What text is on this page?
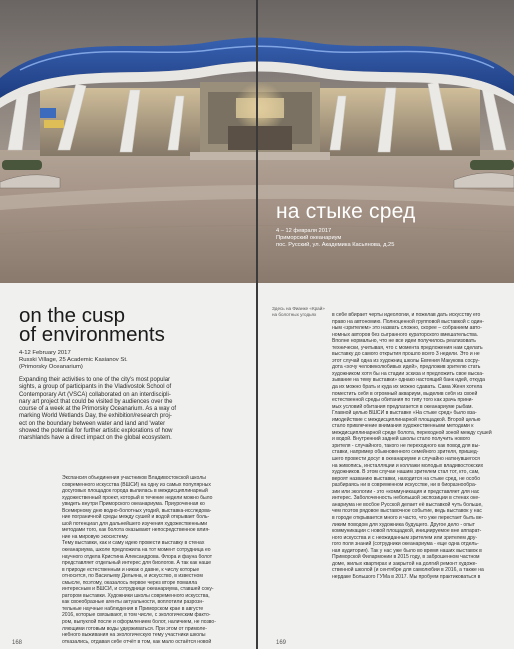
на стыке сред
4 – 12 февраля 2017
Приморский океанариум
пос. Русский, ул. Академика Касьянова, д.25
on the cusp
of environments
4-12 February 2017
Russki Village, 25 Academic Kasianov St.
(Primorsky Oceanarium)
Expanding their activities to one of the city's most popular
sights, a group of participants in the Vladivostok School of
Contemporary Art (VSCA) collaborated on an interdiscipli-
nary art project that could be visited by audiences over the
course of a week at the Primorsky Oceanarium. As a way of
marking World Wetlands Day, the exhibition/research proj-
ect on the boundary between water and land and 'water
showed the potential for further artistic explorations of how
marshlands have a direct impact on the global ecosystem.
Экспансия объединения участников Владивостокской школы
современного искусства (ВШСИ) на одну из самых популярных
досуговых площадок города вылилась в междисциплинарный
художественный проект, который в течение недели можно было
увидеть внутри Приморского океанариума. Приуроченная ко
Всемирному дню водно-болотных угодий, выставка-исследова-
ние пограничной среды между сушей и водой открывает боль-
шой потенциал для дальнейшего изучения художественными
методами того, как болота оказывают непосредственное влия-
ние на мировую экосистему.
Тему выставки, как и саму идею провести выставку в стенах
океанариума, школе предложила на тот момент сотрудница ео
научного отдела Кристина Александрова. Флора и фауна болот
представляет отдельный интерес для биологов. А так как наше
в природе естественным и никак о давне, к числу которые
относится, по Васильеву Дельяна, и искусство, в известном
смысле, поэтому, оказалось первое через вторе помаяла
интересным и ВШСИ, и сотруднице океанариума, ставшей соку-
ратором выставки. Художники школы современного искусства,
как своеобразные агенты актуальности, воплотили разрозн-
тельные научные наблюдения в Приморском крае в августе
2016, которые связывают, в том числе, с экологическим факто-
ром, выпуклой после и оформлением болот, наличием, не позво-
ляющими готовым воды удерживаться. При этом от примоле-
небного выживания на экологическую тему участники школы
отказались, отдавая себе отчёт в том, как мало остаётся новой
Здесь на Фианке «Край»
на болотных угодьях	в себе вбирает черты идеологии, и пожелав дать искусству его
право на автономию. Полноценной групповой выставкой с один-
ным «зрителем» это назвать сложно, скорее – собранием авто-
номных авторов без сыгранного кураторского вмешательства.
Вполне нормально, что не все идеи получилось реализовать
технически, учитывая, что с момента предложения нам сделать
выставку до самого открытия прошло всего 3 недели. Это и не
этот случай одна из художниц школы Евгения Макукова сосру-
дота «хочу человеколюбивых идей», предложив зрителю стать
художником хотя бы на стадии эскиза и предложить свое выска-
зывание на тему выставки» однако настоящий банк идей, откуда
да их можно брать и куда их можно сдавать. Сама Женя хотела
поместить себя в огромный аквариум, выделив себя из своей
естественной среды обитания по типу того как зрачь прини-
мых условий обитания предлагается в океанариуме рыбам.
Главной целью ВШСИ в выставке «На стыке сред» было вза-
имодействие с междисциплинарной площадкой. Второй целью
стало привлечение внимания художественными методами к
междисциплинарной среде болота, переходной зоной между сушей
и водой. Внутренний задней школы стало получить нового
зрителя - случайного, такого не переходного как повод для вы-
ставки, например обыкновенного семейного зрителя, пришед-
шего провести досуг в океанариуме и случайно наткнувшегося
на живопись, инсталляции и коллажи молодых владивостокских
художников. В этом случае нашим зрителем стал тот, кто, сам,
вероят названию выставки, находится на стыке сред, не особо
разбираясь ни в современном искусстве, ни в биоразнообра-
зии или экологии - это «коммуникация и представляет для нас
интерес. Заболоченность небольшой экспозиции в стенах оке-
анариума не восбое Русской делает её выставкой чуть больше,
чем поэтов рядовое выставочное событие, ведь выставок у нас
в городе открывается много и часто, что уже перестает быть ве-
ликим поводом для художника будущего. Другое дело - опыт
коммуникации с новой площадкой, инициируемое вне аппарат-
ного искусства и с неожиданным зрителем или зрителем дру-
гого поля знаний (сотрудники океанариума - еще одна отдель-
ная аудитория). Так у нас уже было во время наших выставок в
Приморской Филармонии в 2015 году, в заброшенном частном
доме, жилых квартирах и закрытой на долгий ремонт художе-
ственной школой (и сентябре для самолюбии в 2016, а также на
нердаке Большого ГУМа в 2017. Мы пробуем практиковаться в
168	169
